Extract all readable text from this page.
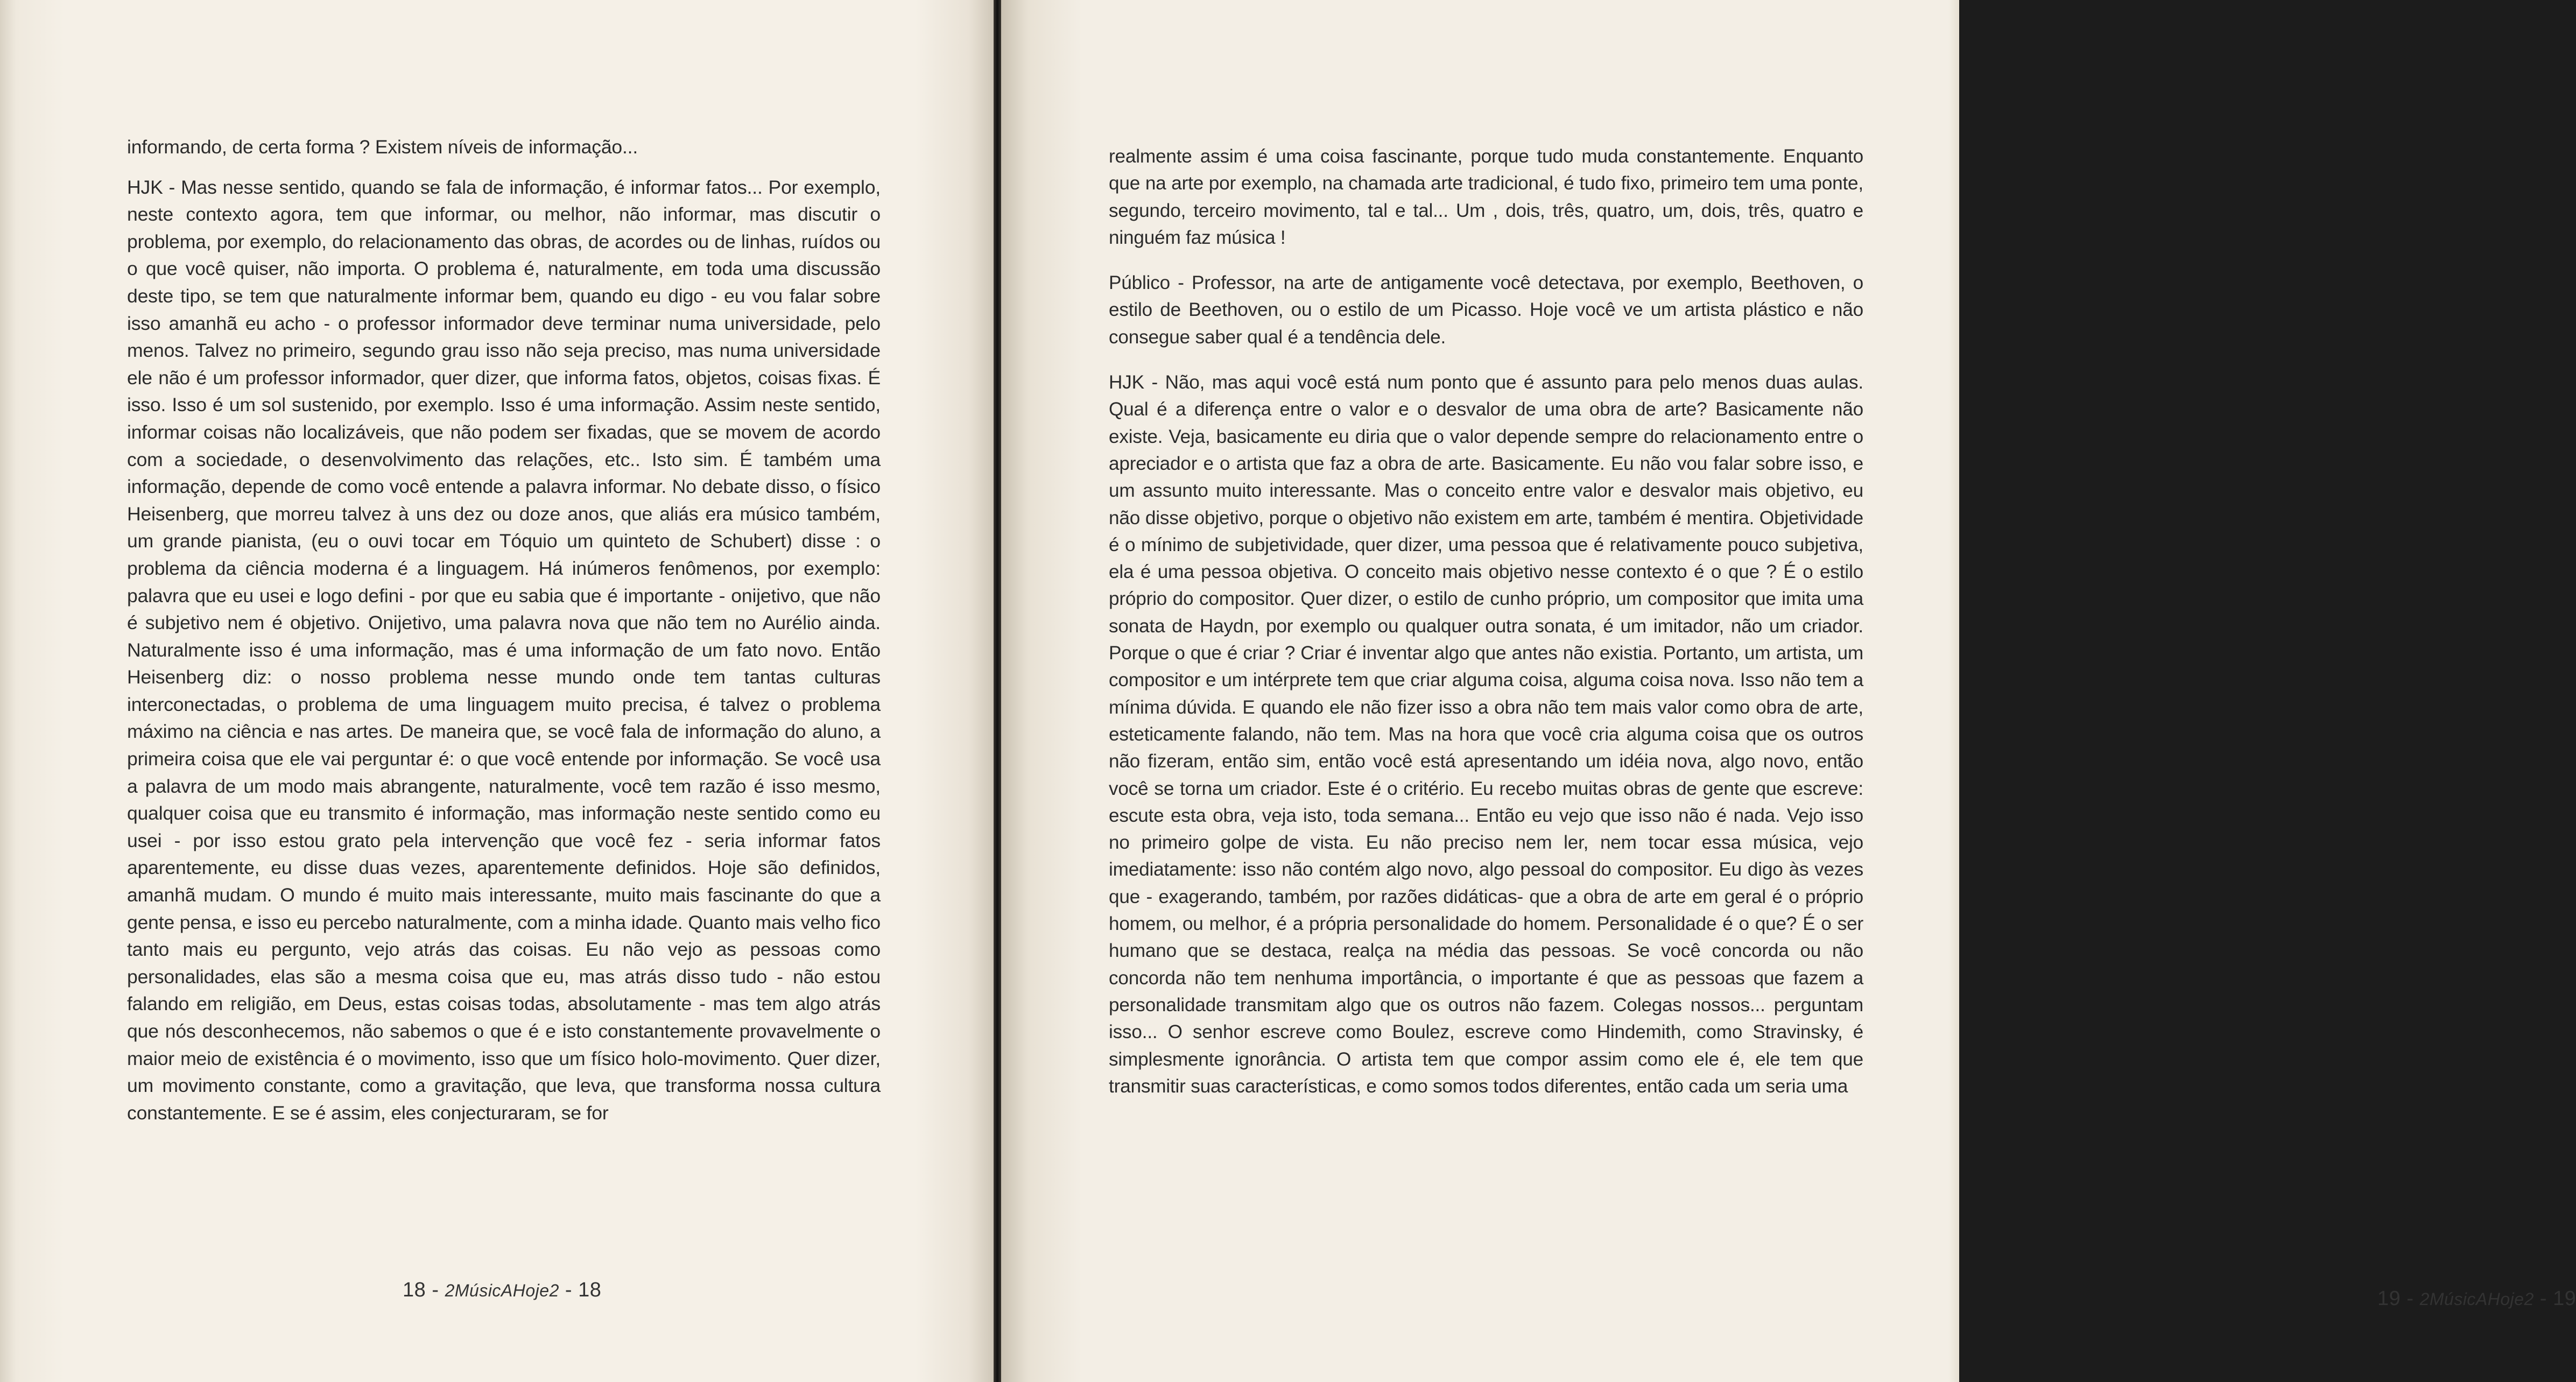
informando, de certa forma ? Existem níveis de informação...

HJK - Mas nesse sentido, quando se fala de informação, é informar fatos... Por exemplo, neste contexto agora, tem que informar, ou melhor, não informar, mas discutir o problema, por exemplo, do relacionamento das obras, de acordes ou de linhas, ruídos ou o que você quiser, não importa. O problema é, naturalmente, em toda uma discussão deste tipo, se tem que naturalmente informar bem, quando eu digo - eu vou falar sobre isso amanhã eu acho - o professor informador deve terminar numa universidade, pelo menos. Talvez no primeiro, segundo grau isso não seja preciso, mas numa universidade ele não é um professor informador, quer dizer, que informa fatos, objetos, coisas fixas. É isso. Isso é um sol sustenido, por exemplo. Isso é uma informação. Assim neste sentido, informar coisas não localizáveis, que não podem ser fixadas, que se movem de acordo com a sociedade, o desenvolvimento das relações, etc.. Isto sim. É também uma informação, depende de como você entende a palavra informar. No debate disso, o físico Heisenberg, que morreu talvez à uns dez ou doze anos, que aliás era músico também, um grande pianista, (eu o ouvi tocar em Tóquio um quinteto de Schubert) disse : o problema da ciência moderna é a linguagem. Há inúmeros fenômenos, por exemplo: palavra que eu usei e logo defini - por que eu sabia que é importante - onijetivo, que não é subjetivo nem é objetivo. Onijetivo, uma palavra nova que não tem no Aurélio ainda. Naturalmente isso é uma informação, mas é uma informação de um fato novo. Então Heisenberg diz: o nosso problema nesse mundo onde tem tantas culturas interconectadas, o problema de uma linguagem muito precisa, é talvez o problema máximo na ciência e nas artes. De maneira que, se você fala de informação do aluno, a primeira coisa que ele vai perguntar é: o que você entende por informação. Se você usa a palavra de um modo mais abrangente, naturalmente, você tem razão é isso mesmo, qualquer coisa que eu transmito é informação, mas informação neste sentido como eu usei - por isso estou grato pela intervenção que você fez - seria informar fatos aparentemente, eu disse duas vezes, aparentemente definidos. Hoje são definidos, amanhã mudam. O mundo é muito mais interessante, muito mais fascinante do que a gente pensa, e isso eu percebo naturalmente, com a minha idade. Quanto mais velho fico tanto mais eu pergunto, vejo atrás das coisas. Eu não vejo as pessoas como personalidades, elas são a mesma coisa que eu, mas atrás disso tudo - não estou falando em religião, em Deus, estas coisas todas, absolutamente - mas tem algo atrás que nós desconhecemos, não sabemos o que é e isto constantemente provavelmente o maior meio de existência é o movimento, isso que um físico holo-movimento. Quer dizer, um movimento constante, como a gravitação, que leva, que transforma nossa cultura constantemente. E se é assim, eles conjecturaram, se for

18 - 2MúsicAHoje2 - 18

realmente assim é uma coisa fascinante, porque tudo muda constantemente. Enquanto que na arte por exemplo, na chamada arte tradicional, é tudo fixo, primeiro tem uma ponte, segundo, terceiro movimento, tal e tal... Um , dois, três, quatro, um, dois, três, quatro e ninguém faz música !

Público - Professor, na arte de antigamente você detectava, por exemplo, Beethoven, o estilo de Beethoven, ou o estilo de um Picasso. Hoje você ve um artista plástico e não consegue saber qual é a tendência dele.

HJK - Não, mas aqui você está num ponto que é assunto para pelo menos duas aulas. Qual é a diferença entre o valor e o desvalor de uma obra de arte? Basicamente não existe. Veja, basicamente eu diria que o valor depende sempre do relacionamento entre o apreciador e o artista que faz a obra de arte. Basicamente. Eu não vou falar sobre isso, e um assunto muito interessante. Mas o conceito entre valor e desvalor mais objetivo, eu não disse objetivo, porque o objetivo não existem em arte, também é mentira. Objetividade é o mínimo de subjetividade, quer dizer, uma pessoa que é relativamente pouco subjetiva, ela é uma pessoa objetiva. O conceito mais objetivo nesse contexto é o que ? É o estilo próprio do compositor. Quer dizer, o estilo de cunho próprio, um compositor que imita uma sonata de Haydn, por exemplo ou qualquer outra sonata, é um imitador, não um criador. Porque o que é criar ? Criar é inventar algo que antes não existia. Portanto, um artista, um compositor e um intérprete tem que criar alguma coisa, alguma coisa nova. Isso não tem a mínima dúvida. E quando ele não fizer isso a obra não tem mais valor como obra de arte, esteticamente falando, não tem. Mas na hora que você cria alguma coisa que os outros não fizeram, então sim, então você está apresentando um idéia nova, algo novo, então você se torna um criador. Este é o critério. Eu recebo muitas obras de gente que escreve: escute esta obra, veja isto, toda semana... Então eu vejo que isso não é nada. Vejo isso no primeiro golpe de vista. Eu não preciso nem ler, nem tocar essa música, vejo imediatamente: isso não contém algo novo, algo pessoal do compositor. Eu digo às vezes que - exagerando, também, por razões didáticas- que a obra de arte em geral é o próprio homem, ou melhor, é a própria personalidade do homem. Personalidade é o que? É o ser humano que se destaca, realça na média das pessoas. Se você concorda ou não concorda não tem nenhuma importância, o importante é que as pessoas que fazem a personalidade transmitam algo que os outros não fazem. Colegas nossos... perguntam isso... O senhor escreve como Boulez, escreve como Hindemith, como Stravinsky, é simplesmente ignorância. O artista tem que compor assim como ele é, ele tem que transmitir suas características, e como somos todos diferentes, então cada um seria uma

19 - 2MúsicAHoje2 - 19
